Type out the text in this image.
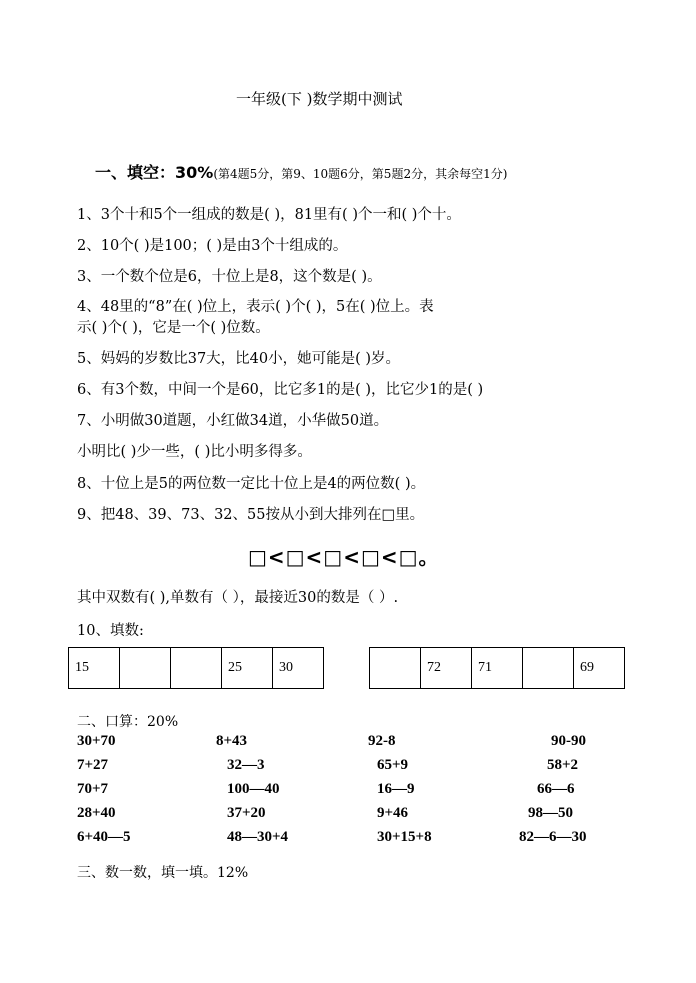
一年级(下 )数学期中测试
一、填空：30%(第4题5分，第9、10题6分，第5题2分，其余每空1分)
1、3个十和5个一组成的数是( )，81里有( )个一和( )个十。
2、10个( )是100；( )是由3个十组成的。
3、一个数个位是6，十位上是8，这个数是( )。
4、48里的“8”在( )位上，表示( )个( )，5在( )位上。表
示( )个( )，它是一个( )位数。
5、妈妈的岁数比37大，比40小，她可能是( )岁。
6、有3个数，中间一个是60，比它多1的是( )，比它少1的是( )
7、小明做30道题，小红做34道，小华做50道。
小明比( )少一些，( )比小明多得多。
8、十位上是5的两位数一定比十位上是4的两位数( )。
9、把48、39、73、32、55按从小到大排列在□里。
□<□<□<□<□。
其中双数有( ),单数有（ ），最接近30的数是（ ）.
10、填数:
15			25	30
		72	71		69
二、口算：20%
30+70	8+43	92-8	90-90
7+27	32—3	65+9	58+2
70+7	100—40	16—9	66—6
28+40	37+20	9+46	98—50
6+40—5	48—30+4	30+15+8	82—6—30
三、数一数，填一填。12%
